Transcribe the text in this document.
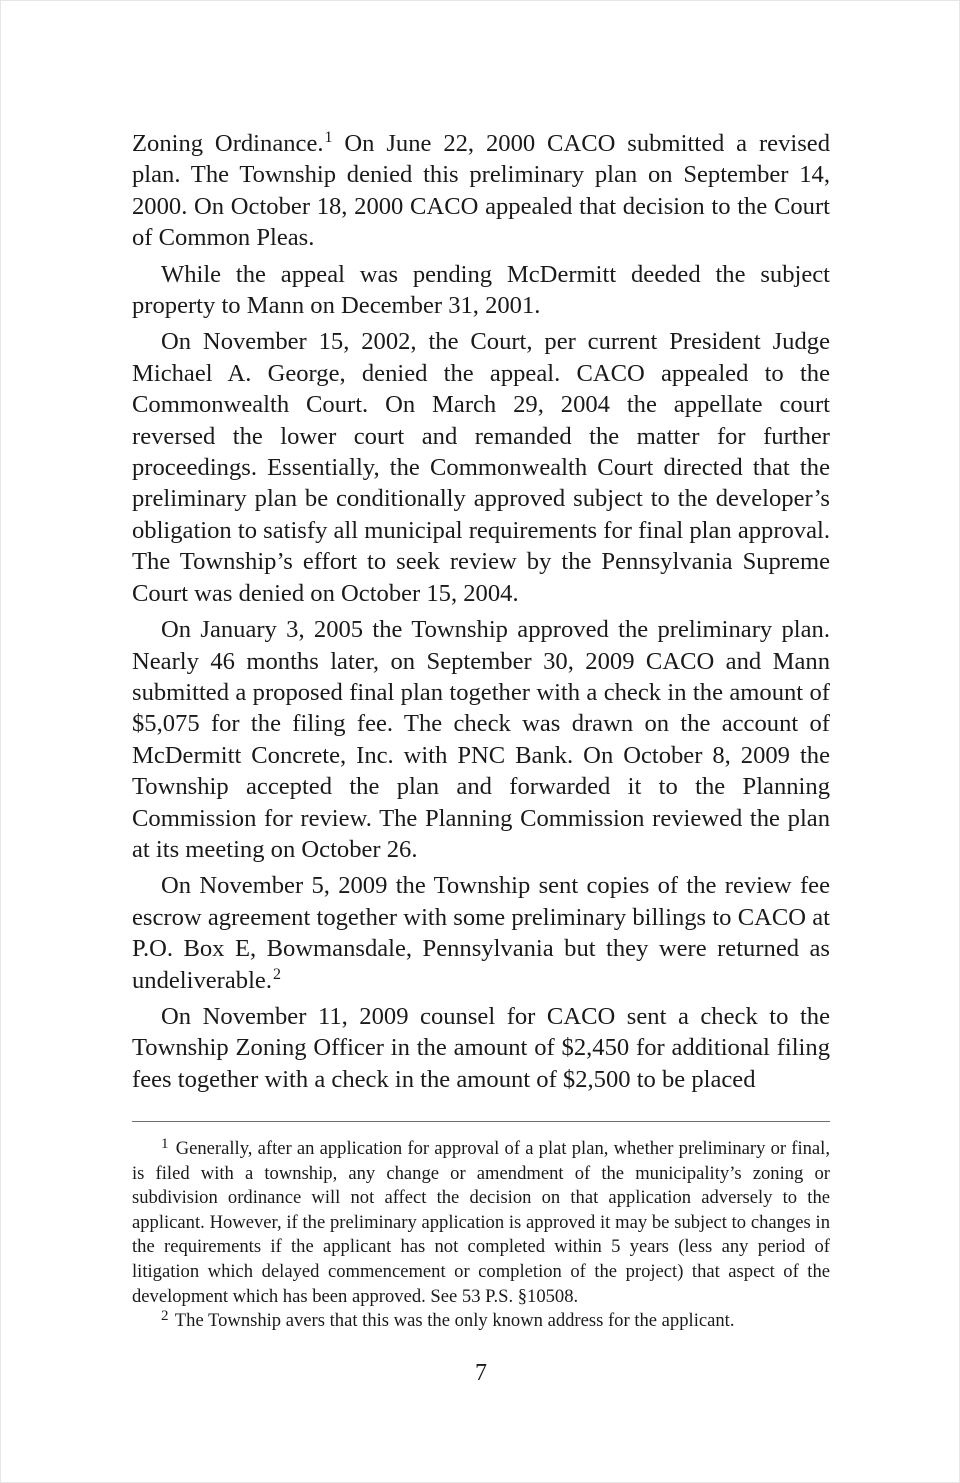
Zoning Ordinance.$^1$ On June 22, 2000 CACO submitted a revised plan. The Township denied this preliminary plan on September 14, 2000. On October 18, 2000 CACO appealed that decision to the Court of Common Pleas.

While the appeal was pending McDermitt deeded the subject property to Mann on December 31, 2001.

On November 15, 2002, the Court, per current President Judge Michael A. George, denied the appeal. CACO appealed to the Commonwealth Court. On March 29, 2004 the appellate court reversed the lower court and remanded the matter for further proceedings. Essentially, the Commonwealth Court directed that the preliminary plan be conditionally approved subject to the developer’s obligation to satisfy all municipal requirements for final plan approval. The Township’s effort to seek review by the Pennsylvania Supreme Court was denied on October 15, 2004.

On January 3, 2005 the Township approved the preliminary plan. Nearly 46 months later, on September 30, 2009 CACO and Mann submitted a proposed final plan together with a check in the amount of $5,075 for the filing fee. The check was drawn on the account of McDermitt Concrete, Inc. with PNC Bank. On October 8, 2009 the Township accepted the plan and forwarded it to the Planning Commission for review. The Planning Commission reviewed the plan at its meeting on October 26.

On November 5, 2009 the Township sent copies of the review fee escrow agreement together with some preliminary billings to CACO at P.O. Box E, Bowmansdale, Pennsylvania but they were returned as undeliverable.$^2$

On November 11, 2009 counsel for CACO sent a check to the Township Zoning Officer in the amount of $2,450 for additional filing fees together with a check in the amount of $2,500 to be placed

$^1$ Generally, after an application for approval of a plat plan, whether preliminary or final, is filed with a township, any change or amendment of the municipality’s zoning or subdivision ordinance will not affect the decision on that application adversely to the applicant. However, if the preliminary application is approved it may be subject to changes in the requirements if the applicant has not completed within 5 years (less any period of litigation which delayed commencement or completion of the project) that aspect of the development which has been approved. See 53 P.S. §10508.

$^2$ The Township avers that this was the only known address for the applicant.

7
